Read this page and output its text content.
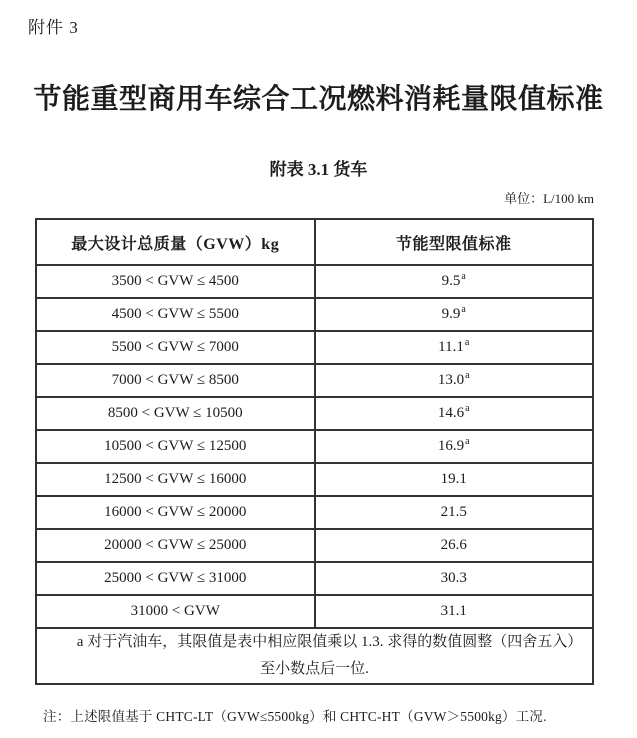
附件 3
节能重型商用车综合工况燃料消耗量限值标准
附表 3.1 货车
单位：L/100 km
最大设计总质量（GVW）kg	节能型限值标准
3500 < GVW ≤ 4500	9.5$^a$
4500 < GVW ≤ 5500	9.9$^a$
5500 < GVW ≤ 7000	11.1$^a$
7000 < GVW ≤ 8500	13.0$^a$
8500 < GVW ≤ 10500	14.6$^a$
10500 < GVW ≤ 12500	16.9$^a$
12500 < GVW ≤ 16000	19.1
16000 < GVW ≤ 20000	21.5
20000 < GVW ≤ 25000	26.6
25000 < GVW ≤ 31000	30.3
31000 < GVW	31.1

a 对于汽油车，其限值是表中相应限值乘以 1.3. 求得的数值圆整（四舍五入）
至小数点后一位.	
注：上述限值基于 CHTC-LT（GVW≤5500kg）和 CHTC-HT（GVW＞5500kg）工况.
